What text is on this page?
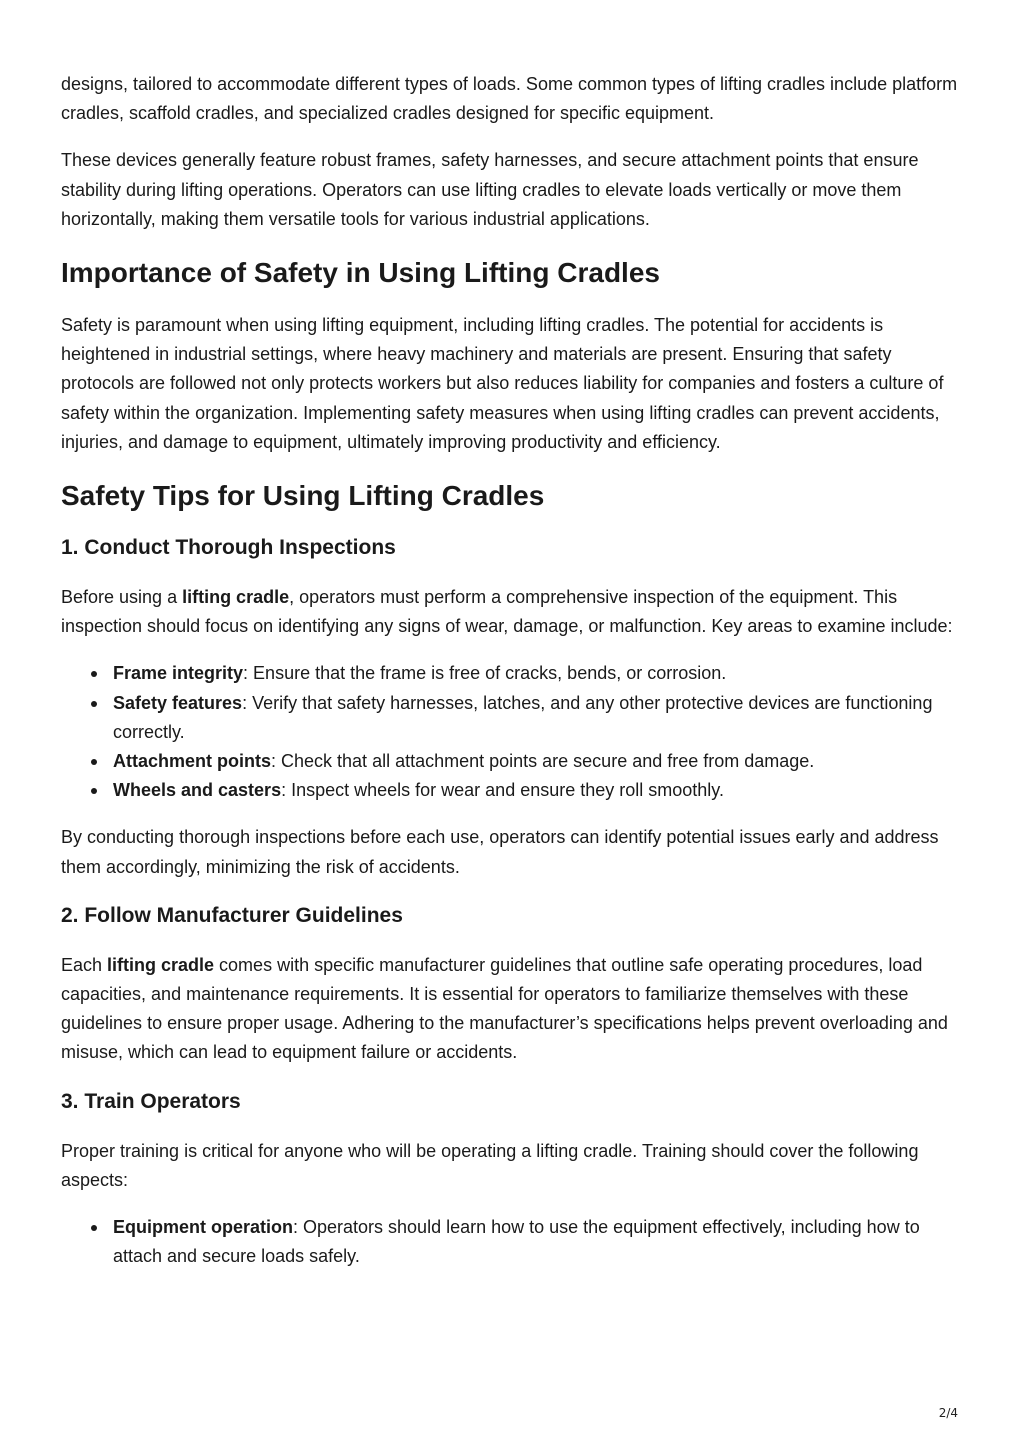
designs, tailored to accommodate different types of loads. Some common types of lifting cradles include platform cradles, scaffold cradles, and specialized cradles designed for specific equipment.

These devices generally feature robust frames, safety harnesses, and secure attachment points that ensure stability during lifting operations. Operators can use lifting cradles to elevate loads vertically or move them horizontally, making them versatile tools for various industrial applications.

Importance of Safety in Using Lifting Cradles

Safety is paramount when using lifting equipment, including lifting cradles. The potential for accidents is heightened in industrial settings, where heavy machinery and materials are present. Ensuring that safety protocols are followed not only protects workers but also reduces liability for companies and fosters a culture of safety within the organization. Implementing safety measures when using lifting cradles can prevent accidents, injuries, and damage to equipment, ultimately improving productivity and efficiency.

Safety Tips for Using Lifting Cradles
1. Conduct Thorough Inspections

Before using a lifting cradle, operators must perform a comprehensive inspection of the equipment. This inspection should focus on identifying any signs of wear, damage, or malfunction. Key areas to examine include:

Frame integrity: Ensure that the frame is free of cracks, bends, or corrosion.
Safety features: Verify that safety harnesses, latches, and any other protective devices are functioning correctly.
Attachment points: Check that all attachment points are secure and free from damage.
Wheels and casters: Inspect wheels for wear and ensure they roll smoothly.

By conducting thorough inspections before each use, operators can identify potential issues early and address them accordingly, minimizing the risk of accidents.

2. Follow Manufacturer Guidelines

Each lifting cradle comes with specific manufacturer guidelines that outline safe operating procedures, load capacities, and maintenance requirements. It is essential for operators to familiarize themselves with these guidelines to ensure proper usage. Adhering to the manufacturer’s specifications helps prevent overloading and misuse, which can lead to equipment failure or accidents.

3. Train Operators

Proper training is critical for anyone who will be operating a lifting cradle. Training should cover the following aspects:

Equipment operation: Operators should learn how to use the equipment effectively, including how to attach and secure loads safely.
2/4
